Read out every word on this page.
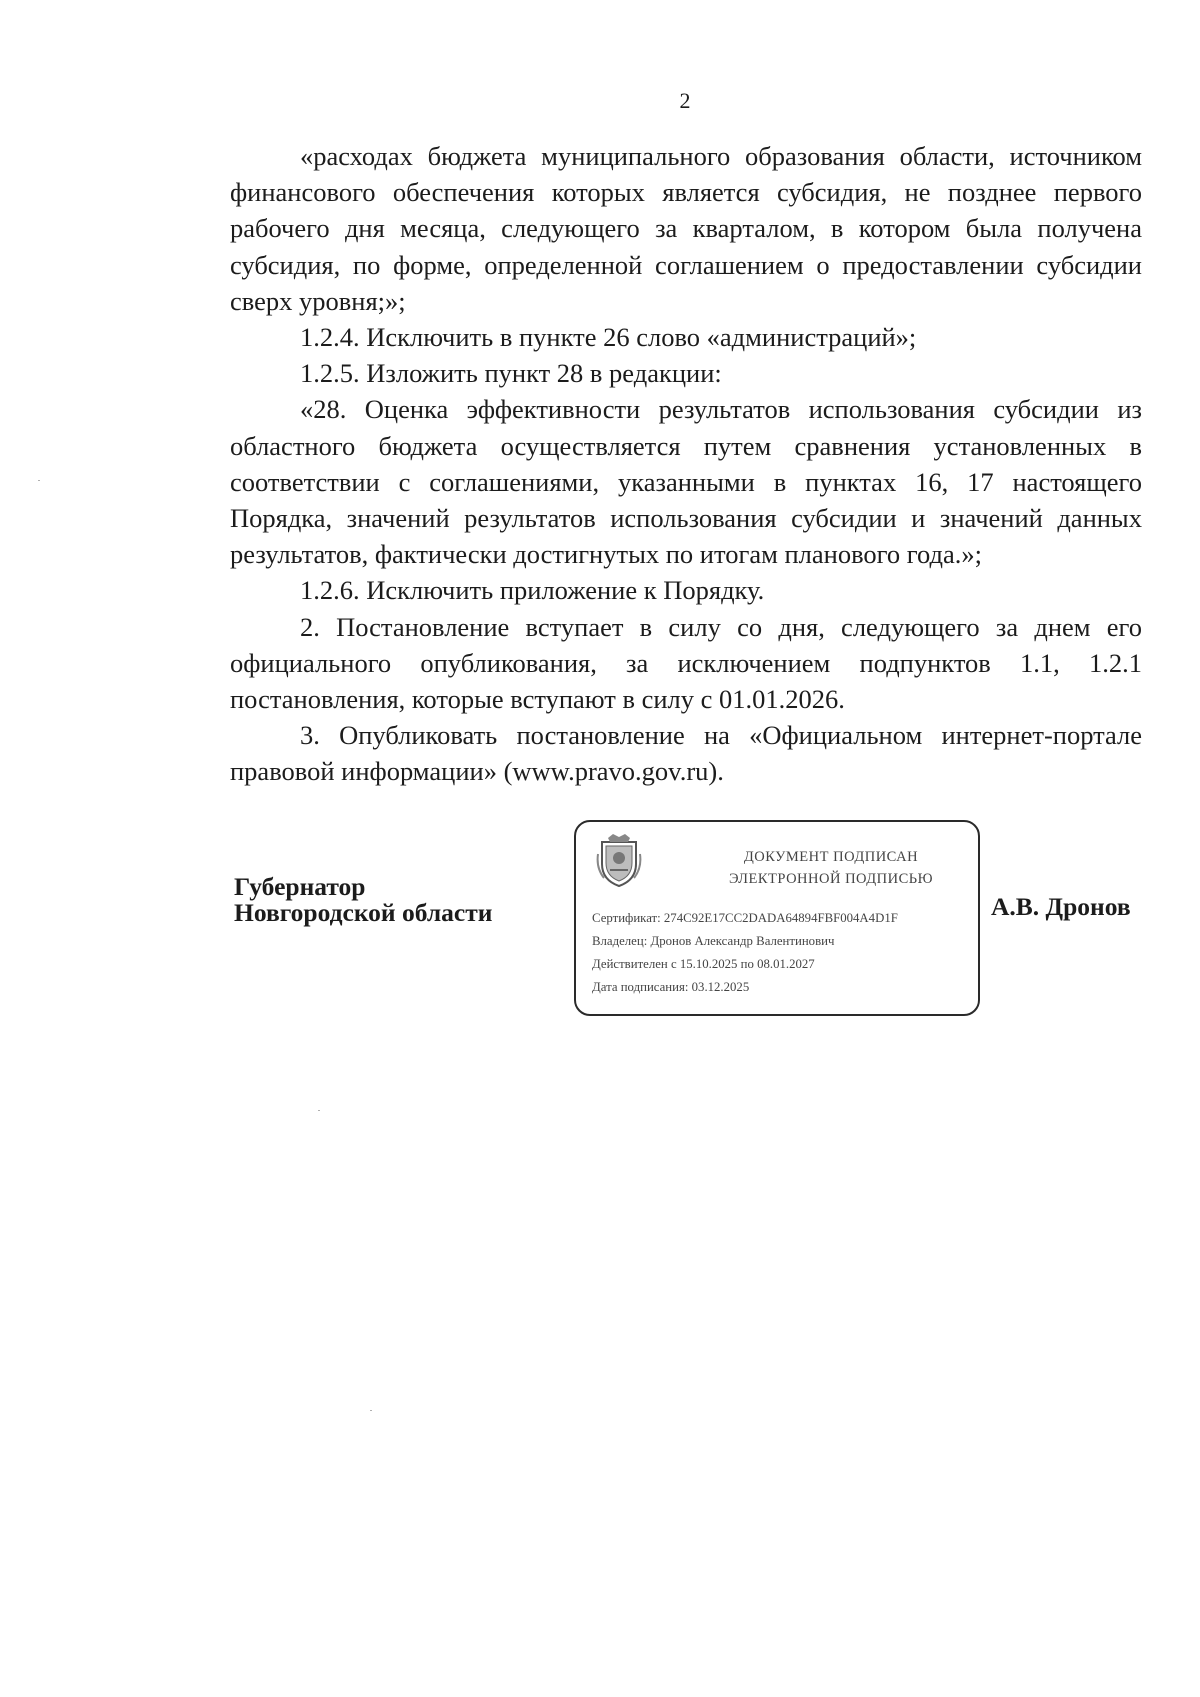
2

«расходах бюджета муниципального образования области, источником финансового обеспечения которых является субсидия, не позднее первого рабочего дня месяца, следующего за кварталом, в котором была получена субсидия, по форме, определенной соглашением о предоставлении субсидии сверх уровня;»;

1.2.4. Исключить в пункте 26 слово «администраций»;

1.2.5. Изложить пункт 28 в редакции:

«28. Оценка эффективности результатов использования субсидии из областного бюджета осуществляется путем сравнения установленных в соответствии с соглашениями, указанными в пунктах 16, 17 настоящего Порядка, значений результатов использования субсидии и значений данных результатов, фактически достигнутых по итогам планового года.»;

1.2.6. Исключить приложение к Порядку.

2. Постановление вступает в силу со дня, следующего за днем его официального опубликования, за исключением подпунктов 1.1, 1.2.1 постановления, которые вступают в силу с 01.01.2026.

3. Опубликовать постановление на «Официальном интернет-портале правовой информации» (www.pravo.gov.ru).

Губернатор
Новгородской области
ДОКУМЕНТ ПОДПИСАН
ЭЛЕКТРОННОЙ ПОДПИСЬЮ
Сертификат: 274C92E17CC2DADA64894FBF004A4D1F
Владелец: Дронов Александр Валентинович
Действителен с 15.10.2025 по 08.01.2027
Дата подписания: 03.12.2025
А.В. Дронов
